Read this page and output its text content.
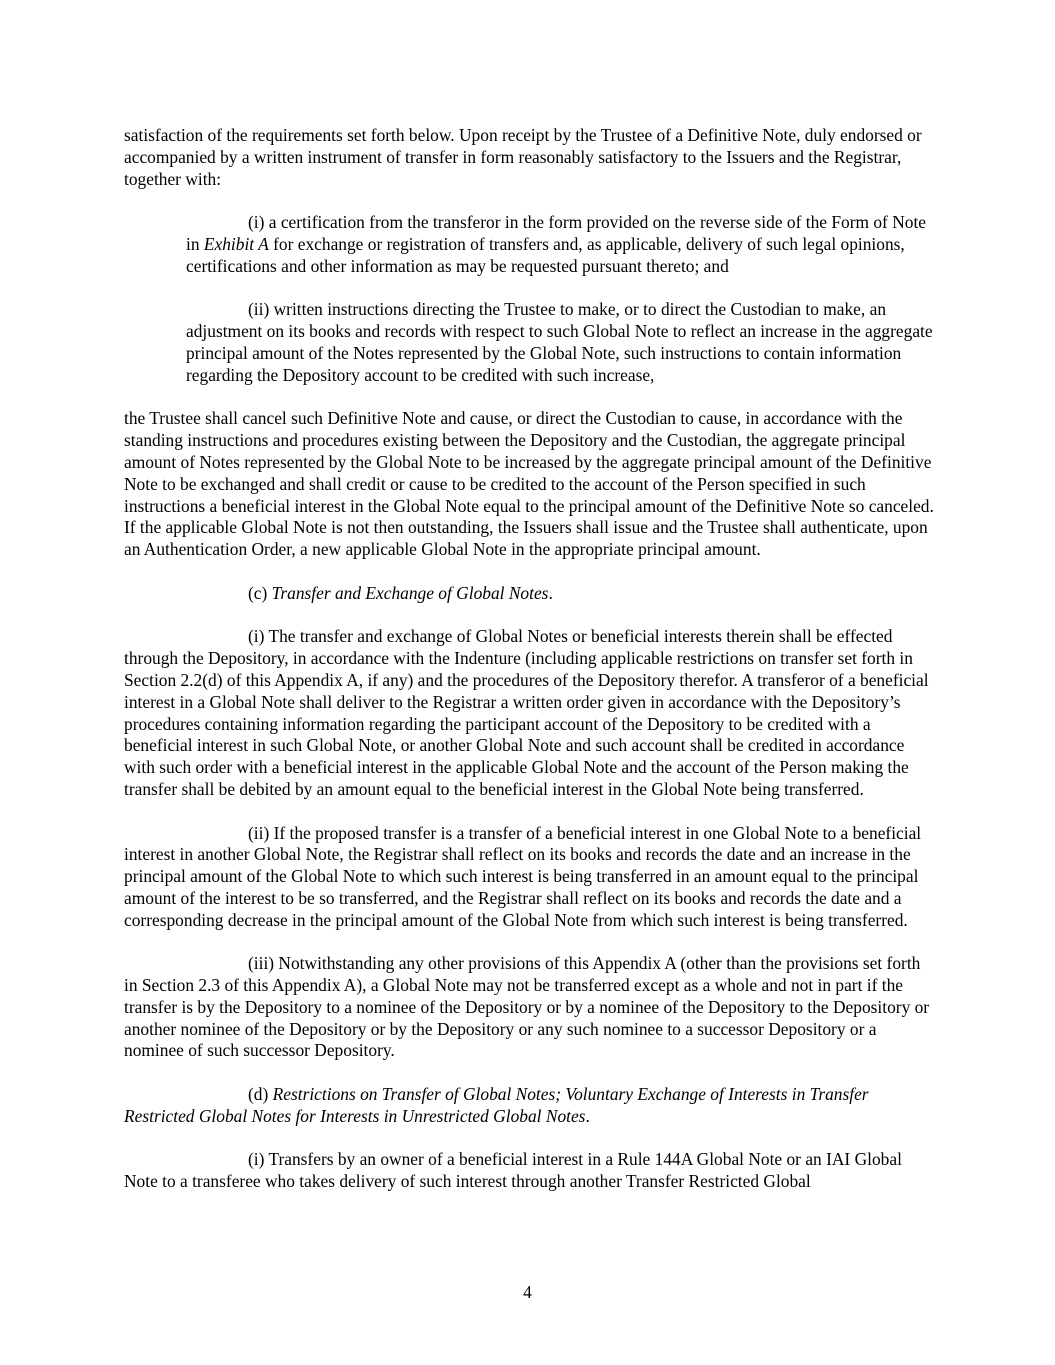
satisfaction of the requirements set forth below. Upon receipt by the Trustee of a Definitive Note, duly endorsed or accompanied by a written instrument of transfer in form reasonably satisfactory to the Issuers and the Registrar, together with:

(i) a certification from the transferor in the form provided on the reverse side of the Form of Note in Exhibit A for exchange or registration of transfers and, as applicable, delivery of such legal opinions, certifications and other information as may be requested pursuant thereto; and

(ii) written instructions directing the Trustee to make, or to direct the Custodian to make, an adjustment on its books and records with respect to such Global Note to reflect an increase in the aggregate principal amount of the Notes represented by the Global Note, such instructions to contain information regarding the Depository account to be credited with such increase,

the Trustee shall cancel such Definitive Note and cause, or direct the Custodian to cause, in accordance with the standing instructions and procedures existing between the Depository and the Custodian, the aggregate principal amount of Notes represented by the Global Note to be increased by the aggregate principal amount of the Definitive Note to be exchanged and shall credit or cause to be credited to the account of the Person specified in such instructions a beneficial interest in the Global Note equal to the principal amount of the Definitive Note so canceled. If the applicable Global Note is not then outstanding, the Issuers shall issue and the Trustee shall authenticate, upon an Authentication Order, a new applicable Global Note in the appropriate principal amount.

(c) Transfer and Exchange of Global Notes.

(i) The transfer and exchange of Global Notes or beneficial interests therein shall be effected through the Depository, in accordance with the Indenture (including applicable restrictions on transfer set forth in Section 2.2(d) of this Appendix A, if any) and the procedures of the Depository therefor. A transferor of a beneficial interest in a Global Note shall deliver to the Registrar a written order given in accordance with the Depository’s procedures containing information regarding the participant account of the Depository to be credited with a beneficial interest in such Global Note, or another Global Note and such account shall be credited in accordance with such order with a beneficial interest in the applicable Global Note and the account of the Person making the transfer shall be debited by an amount equal to the beneficial interest in the Global Note being transferred.

(ii) If the proposed transfer is a transfer of a beneficial interest in one Global Note to a beneficial interest in another Global Note, the Registrar shall reflect on its books and records the date and an increase in the principal amount of the Global Note to which such interest is being transferred in an amount equal to the principal amount of the interest to be so transferred, and the Registrar shall reflect on its books and records the date and a corresponding decrease in the principal amount of the Global Note from which such interest is being transferred.

(iii) Notwithstanding any other provisions of this Appendix A (other than the provisions set forth in Section 2.3 of this Appendix A), a Global Note may not be transferred except as a whole and not in part if the transfer is by the Depository to a nominee of the Depository or by a nominee of the Depository to the Depository or another nominee of the Depository or by the Depository or any such nominee to a successor Depository or a nominee of such successor Depository.

(d) Restrictions on Transfer of Global Notes; Voluntary Exchange of Interests in Transfer Restricted Global Notes for Interests in Unrestricted Global Notes.

(i) Transfers by an owner of a beneficial interest in a Rule 144A Global Note or an IAI Global Note to a transferee who takes delivery of such interest through another Transfer Restricted Global

4
